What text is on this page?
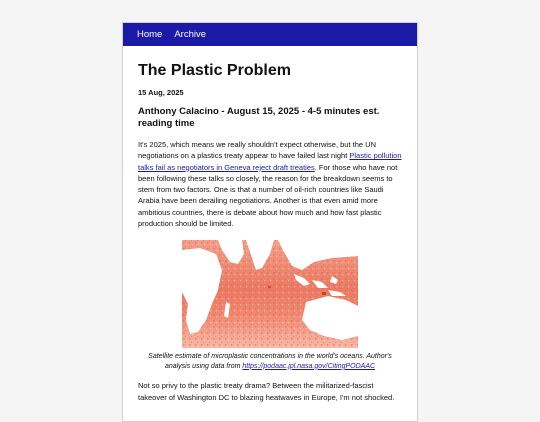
Home Archive
The Plastic Problem
15 Aug, 2025
Anthony Calacino - August 15, 2025 - 4-5 minutes est. reading time

It's 2025, which means we really shouldn't expect otherwise, but the UN negotiations on a plastics treaty appear to have failed last night Plastic pollution talks fail as negotiators in Geneva reject draft treaties. For those who have not been following these talks so closely, the reason for the breakdown seems to stem from two factors. One is that a number of oil-rich countries like Saudi Arabia have been derailing negotiations. Another is that even amid more ambitious countries, there is debate about how much and how fast plastic production should be limited.

Satellite estimate of microplastic concentrations in the world's oceans. Author's analysis using data from https://podaac.jpl.nasa.gov/CitingPODAAC

Not so privy to the plastic treaty drama? Between the militarized-fascist takeover of Washington DC to blazing heatwaves in Europe, I'm not shocked.
